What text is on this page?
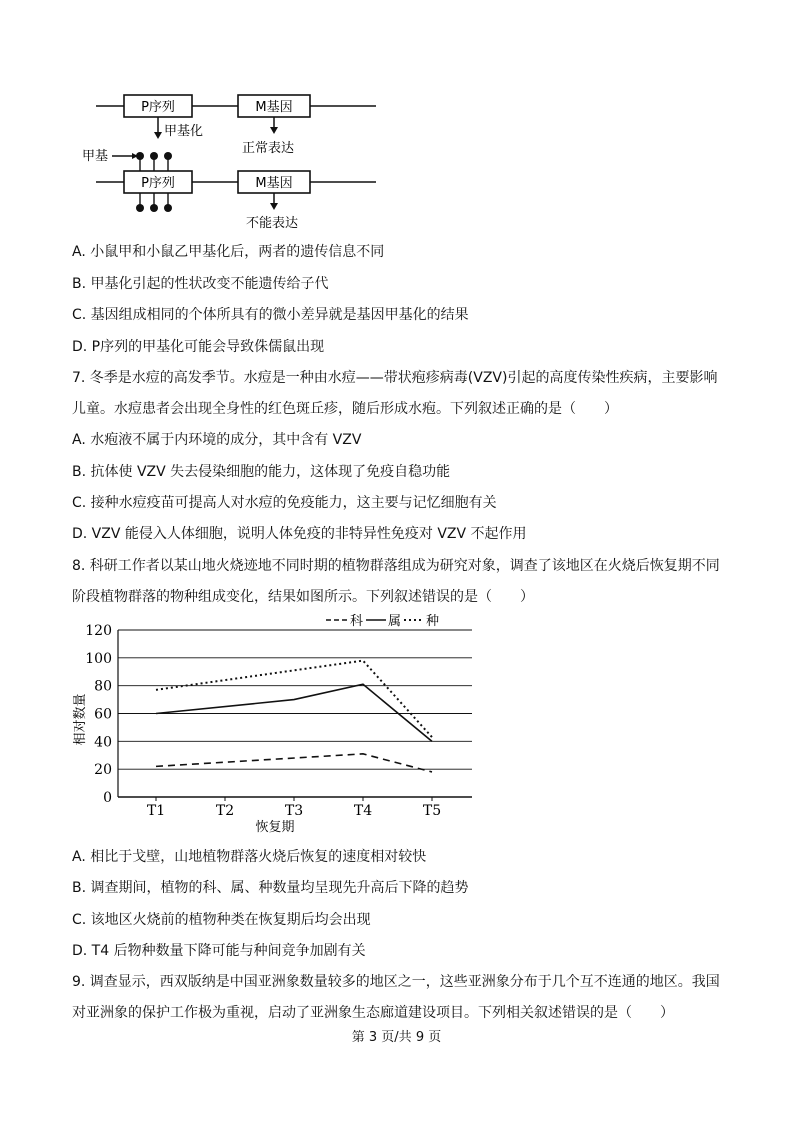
P序列	M基因
甲基化
正常表达
甲基
P序列	M基因
不能表达
A. 小鼠甲和小鼠乙甲基化后，两者的遗传信息不同
B. 甲基化引起的性状改变不能遗传给子代
C. 基因组成相同的个体所具有的微小差异就是基因甲基化的结果
D. P序列的甲基化可能会导致侏儒鼠出现
7. 冬季是水痘的高发季节。水痘是一种由水痘——带状疱疹病毒(VZV)引起的高度传染性疾病，主要影响
儿童。水痘患者会出现全身性的红色斑丘疹，随后形成水疱。下列叙述正确的是（　　）
A. 水疱液不属于内环境的成分，其中含有 VZV
B. 抗体使 VZV 失去侵染细胞的能力，这体现了免疫自稳功能
C. 接种水痘疫苗可提高人对水痘的免疫能力，这主要与记忆细胞有关
D. VZV 能侵入人体细胞，说明人体免疫的非特异性免疫对 VZV 不起作用
8. 科研工作者以某山地火烧迹地不同时期的植物群落组成为研究对象，调查了该地区在火烧后恢复期不同
阶段植物群落的物种组成变化，结果如图所示。下列叙述错误的是（　　）
0
20
40
60
80
100
120
T1	T2	T3	T4	T5
恢复期
相对数量
科 属 种
A. 相比于戈壁，山地植物群落火烧后恢复的速度相对较快
B. 调查期间，植物的科、属、种数量均呈现先升高后下降的趋势
C. 该地区火烧前的植物种类在恢复期后均会出现
D. T4 后物种数量下降可能与种间竞争加剧有关
9. 调查显示，西双版纳是中国亚洲象数量较多的地区之一，这些亚洲象分布于几个互不连通的地区。我国
对亚洲象的保护工作极为重视，启动了亚洲象生态廊道建设项目。下列相关叙述错误的是（　　）
第 3 页/共 9 页
